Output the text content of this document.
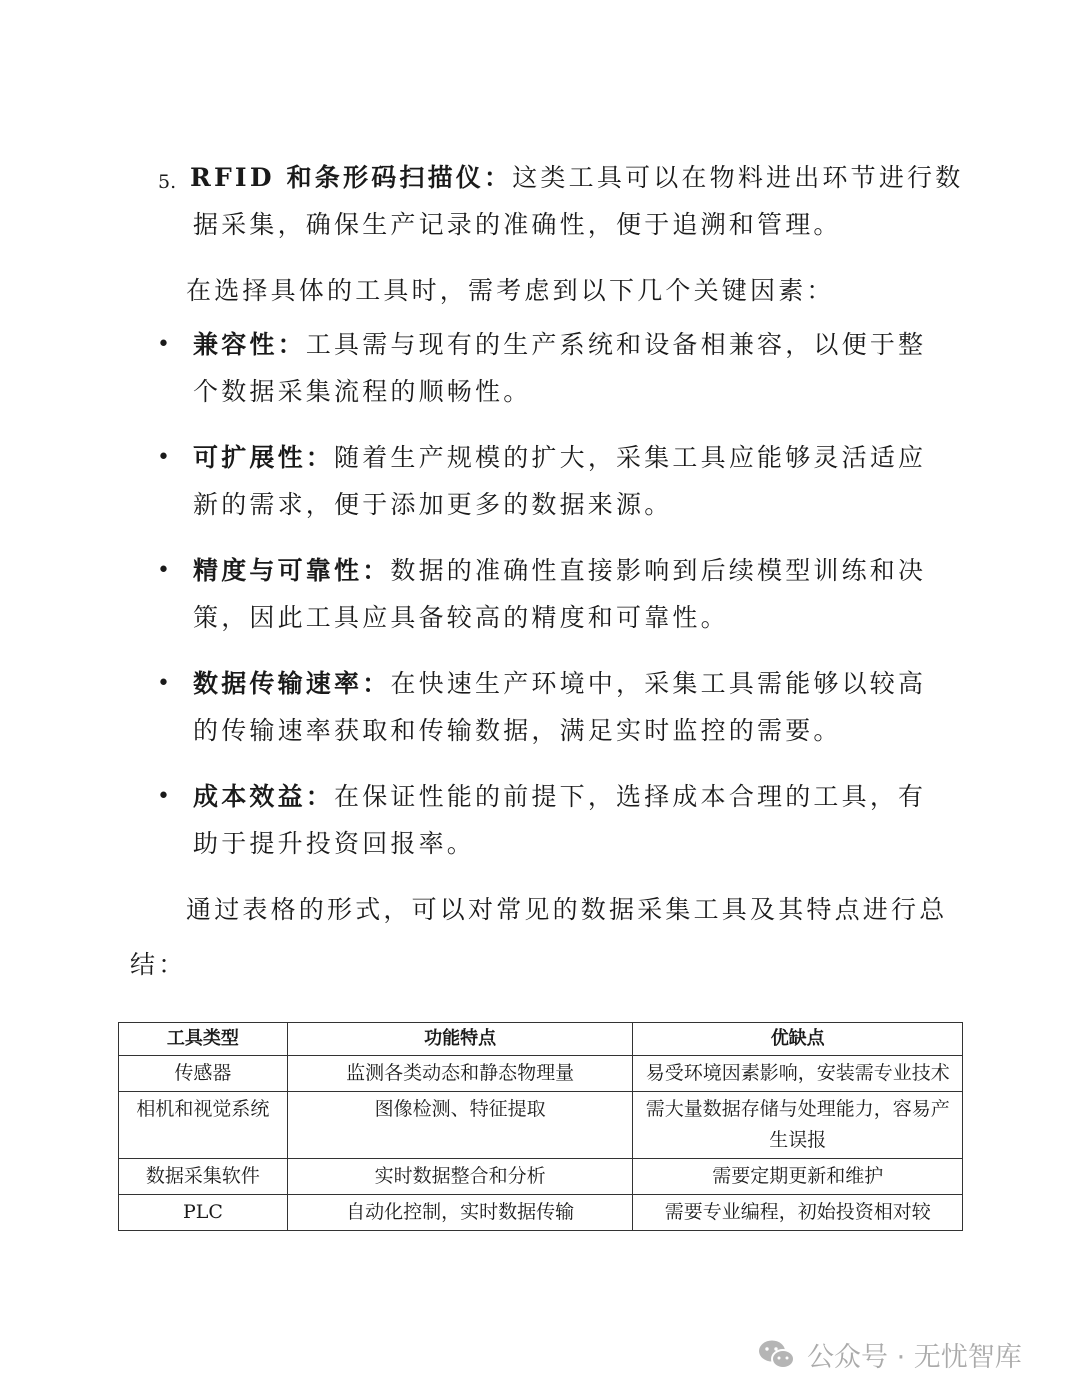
5. RFID 和条形码扫描仪：这类工具可以在物料进出环节进行数
据采集，确保生产记录的准确性，便于追溯和管理。
在选择具体的工具时，需考虑到以下几个关键因素：
• 兼容性：工具需与现有的生产系统和设备相兼容，以便于整
个数据采集流程的顺畅性。
• 可扩展性：随着生产规模的扩大，采集工具应能够灵活适应
新的需求，便于添加更多的数据来源。
• 精度与可靠性：数据的准确性直接影响到后续模型训练和决
策，因此工具应具备较高的精度和可靠性。
• 数据传输速率：在快速生产环境中，采集工具需能够以较高
的传输速率获取和传输数据，满足实时监控的需要。
• 成本效益：在保证性能的前提下，选择成本合理的工具，有
助于提升投资回报率。
通过表格的形式，可以对常见的数据采集工具及其特点进行总
结：
工具类型	功能特点	优缺点
传感器	监测各类动态和静态物理量	易受环境因素影响，安装需专业技术
相机和视觉系统	图像检测、特征提取	需大量数据存储与处理能力，容易产生误报
数据采集软件	实时数据整合和分析	需要定期更新和维护
PLC	自动化控制，实时数据传输	需要专业编程，初始投资相对较
公众号 · 无忧智库
